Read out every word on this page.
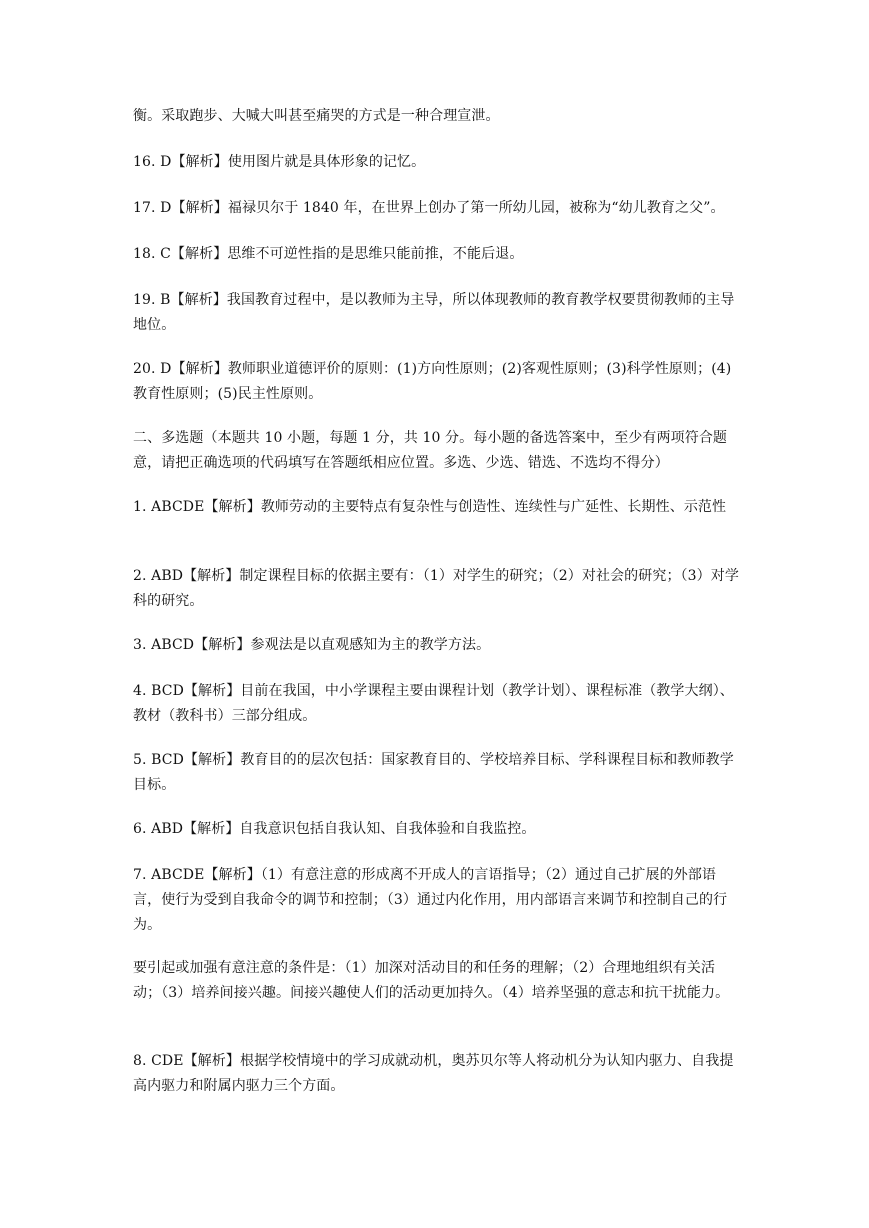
衡。采取跑步、大喊大叫甚至痛哭的方式是一种合理宣泄。

16. D【解析】使用图片就是具体形象的记忆。

17. D【解析】福禄贝尔于 1840 年，在世界上创办了第一所幼儿园，被称为“幼儿教育之父”。

18. C【解析】思维不可逆性指的是思维只能前推，不能后退。

19. B【解析】我国教育过程中，是以教师为主导，所以体现教师的教育教学权要贯彻教师的主导地位。

20. D【解析】教师职业道德评价的原则：(1)方向性原则；(2)客观性原则；(3)科学性原则；(4)教育性原则；(5)民主性原则。

二、多选题（本题共 10 小题，每题 1 分，共 10 分。每小题的备选答案中，至少有两项符合题意，请把正确选项的代码填写在答题纸相应位置。多选、少选、错选、不选均不得分）

1. ABCDE【解析】教师劳动的主要特点有复杂性与创造性、连续性与广延性、长期性、示范性

2. ABD【解析】制定课程目标的依据主要有：（1）对学生的研究；（2）对社会的研究；（3）对学科的研究。

3. ABCD【解析】参观法是以直观感知为主的教学方法。

4. BCD【解析】目前在我国，中小学课程主要由课程计划（教学计划）、课程标准（教学大纲）、教材（教科书）三部分组成。

5. BCD【解析】教育目的的层次包括：国家教育目的、学校培养目标、学科课程目标和教师教学目标。

6. ABD【解析】自我意识包括自我认知、自我体验和自我监控。

7. ABCDE【解析】（1）有意注意的形成离不开成人的言语指导；（2）通过自己扩展的外部语言，使行为受到自我命令的调节和控制；（3）通过内化作用，用内部语言来调节和控制自己的行为。

要引起或加强有意注意的条件是：（1）加深对活动目的和任务的理解；（2）合理地组织有关活动；（3）培养间接兴趣。间接兴趣使人们的活动更加持久。（4）培养坚强的意志和抗干扰能力。

8. CDE【解析】根据学校情境中的学习成就动机，奥苏贝尔等人将动机分为认知内驱力、自我提高内驱力和附属内驱力三个方面。
